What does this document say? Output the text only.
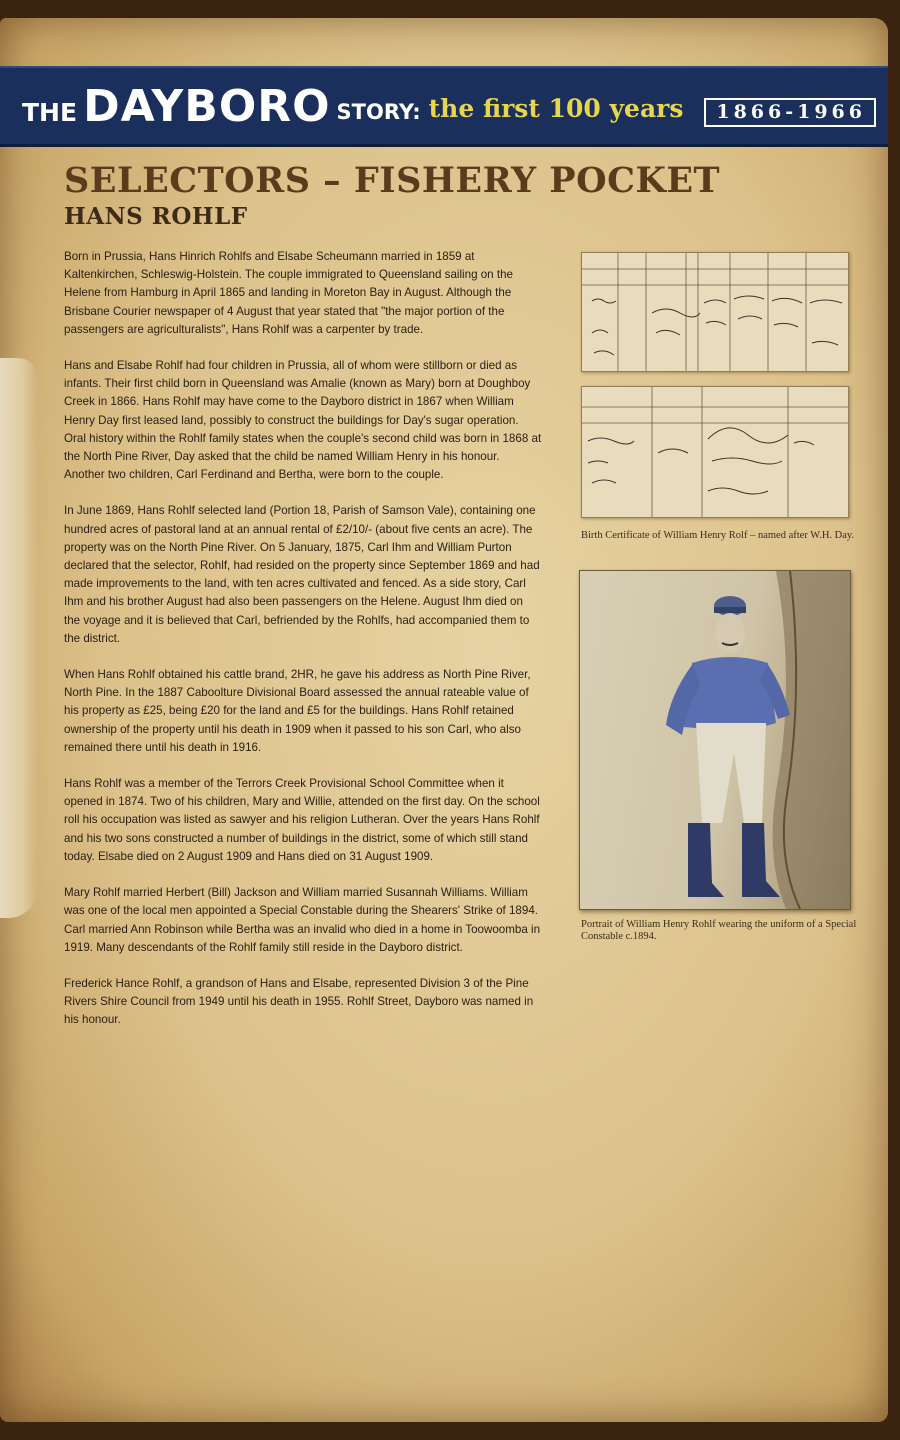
THE DAYBORO STORY: the first 100 years	1866-1966
SELECTORS – FISHERY POCKET
HANS ROHLF

Born in Prussia, Hans Hinrich Rohlfs and Elsabe Scheumann married in 1859 at Kaltenkirchen, Schleswig-Holstein. The couple immigrated to Queensland sailing on the Helene from Hamburg in April 1865 and landing in Moreton Bay in August. Although the Brisbane Courier newspaper of 4 August that year stated that "the major portion of the passengers are agriculturalists", Hans Rohlf was a carpenter by trade.

Hans and Elsabe Rohlf had four children in Prussia, all of whom were stillborn or died as infants. Their first child born in Queensland was Amalie (known as Mary) born at Doughboy Creek in 1866. Hans Rohlf may have come to the Dayboro district in 1867 when William Henry Day first leased land, possibly to construct the buildings for Day's sugar operation. Oral history within the Rohlf family states when the couple's second child was born in 1868 at the North Pine River, Day asked that the child be named William Henry in his honour. Another two children, Carl Ferdinand and Bertha, were born to the couple.

In June 1869, Hans Rohlf selected land (Portion 18, Parish of Samson Vale), containing one hundred acres of pastoral land at an annual rental of £2/10/- (about five cents an acre). The property was on the North Pine River. On 5 January, 1875, Carl Ihm and William Purton declared that the selector, Rohlf, had resided on the property since September 1869 and had made improvements to the land, with ten acres cultivated and fenced. As a side story, Carl Ihm and his brother August had also been passengers on the Helene. August Ihm died on the voyage and it is believed that Carl, befriended by the Rohlfs, had accompanied them to the district.

When Hans Rohlf obtained his cattle brand, 2HR, he gave his address as North Pine River, North Pine. In the 1887 Caboolture Divisional Board assessed the annual rateable value of his property as £25, being £20 for the land and £5 for the buildings. Hans Rohlf retained ownership of the property until his death in 1909 when it passed to his son Carl, who also remained there until his death in 1916.

Hans Rohlf was a member of the Terrors Creek Provisional School Committee when it opened in 1874. Two of his children, Mary and Willie, attended on the first day. On the school roll his occupation was listed as sawyer and his religion Lutheran. Over the years Hans Rohlf and his two sons constructed a number of buildings in the district, some of which still stand today. Elsabe died on 2 August 1909 and Hans died on 31 August 1909.

Mary Rohlf married Herbert (Bill) Jackson and William married Susannah Williams. William was one of the local men appointed a Special Constable during the Shearers' Strike of 1894. Carl married Ann Robinson while Bertha was an invalid who died in a home in Toowoomba in 1919. Many descendants of the Rohlf family still reside in the Dayboro district.

Frederick Hance Rohlf, a grandson of Hans and Elsabe, represented Division 3 of the Pine Rivers Shire Council from 1949 until his death in 1955. Rohlf Street, Dayboro was named in his honour.

Birth Certificate of William Henry Rolf – named after W.H. Day.
Portrait of William Henry Rohlf wearing the uniform of a Special Constable c.1894.
